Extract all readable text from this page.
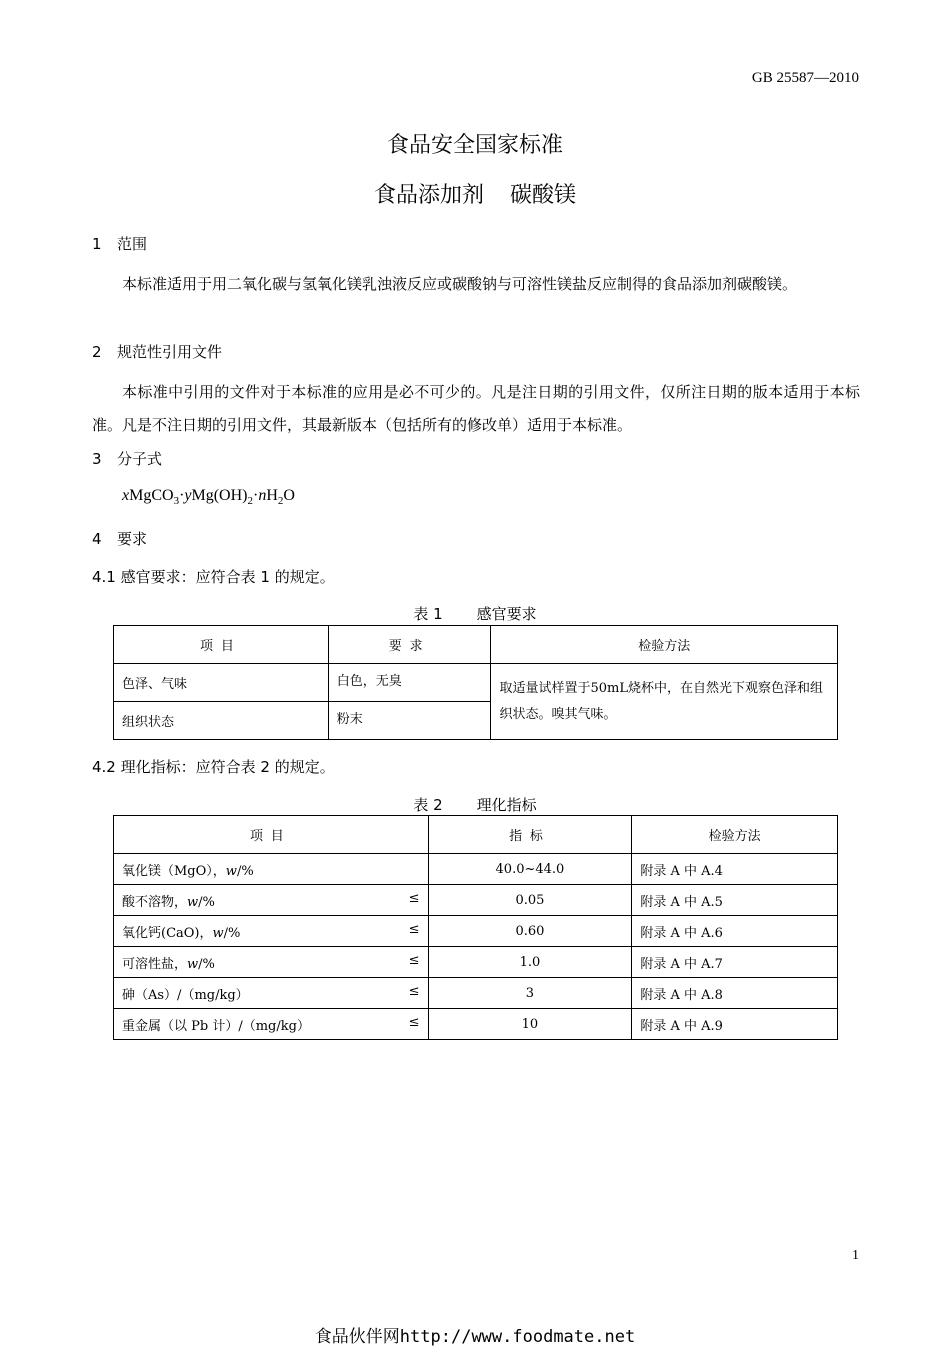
GB 25587—2010
食品安全国家标准
食品添加剂 碳酸镁
1 范围
本标准适用于用二氧化碳与氢氧化镁乳浊液反应或碳酸钠与可溶性镁盐反应制得的食品添加剂碳酸镁。
2 规范性引用文件
本标准中引用的文件对于本标准的应用是必不可少的。凡是注日期的引用文件，仅所注日期的版本适用于本标准。凡是不注日期的引用文件，其最新版本（包括所有的修改单）适用于本标准。
3 分子式
$xMgCO_3\cdot yMg(OH)_2\cdot nH_2O$
4 要求
4.1 感官要求：应符合表 1 的规定。
表 1 感官要求
项目	要求	检验方法
色泽、气味	白色，无臭	取适量试样置于50mL烧杯中，在自然光下观察色泽和组织状态。嗅其气味。
组织状态	粉末	
4.2 理化指标：应符合表 2 的规定。
表 2 理化指标
项目	指标	检验方法
氧化镁（MgO），w/%	40.0~44.0	附录 A 中 A.4
酸不溶物，w/% ≤	0.05	附录 A 中 A.5
氧化钙(CaO)，w/% ≤	0.60	附录 A 中 A.6
可溶性盐，w/% ≤	1.0	附录 A 中 A.7
砷（As）/（mg/kg） ≤	3	附录 A 中 A.8
重金属（以 Pb 计）/（mg/kg） ≤	10	附录 A 中 A.9
1
食品伙伴网http://www.foodmate.net
